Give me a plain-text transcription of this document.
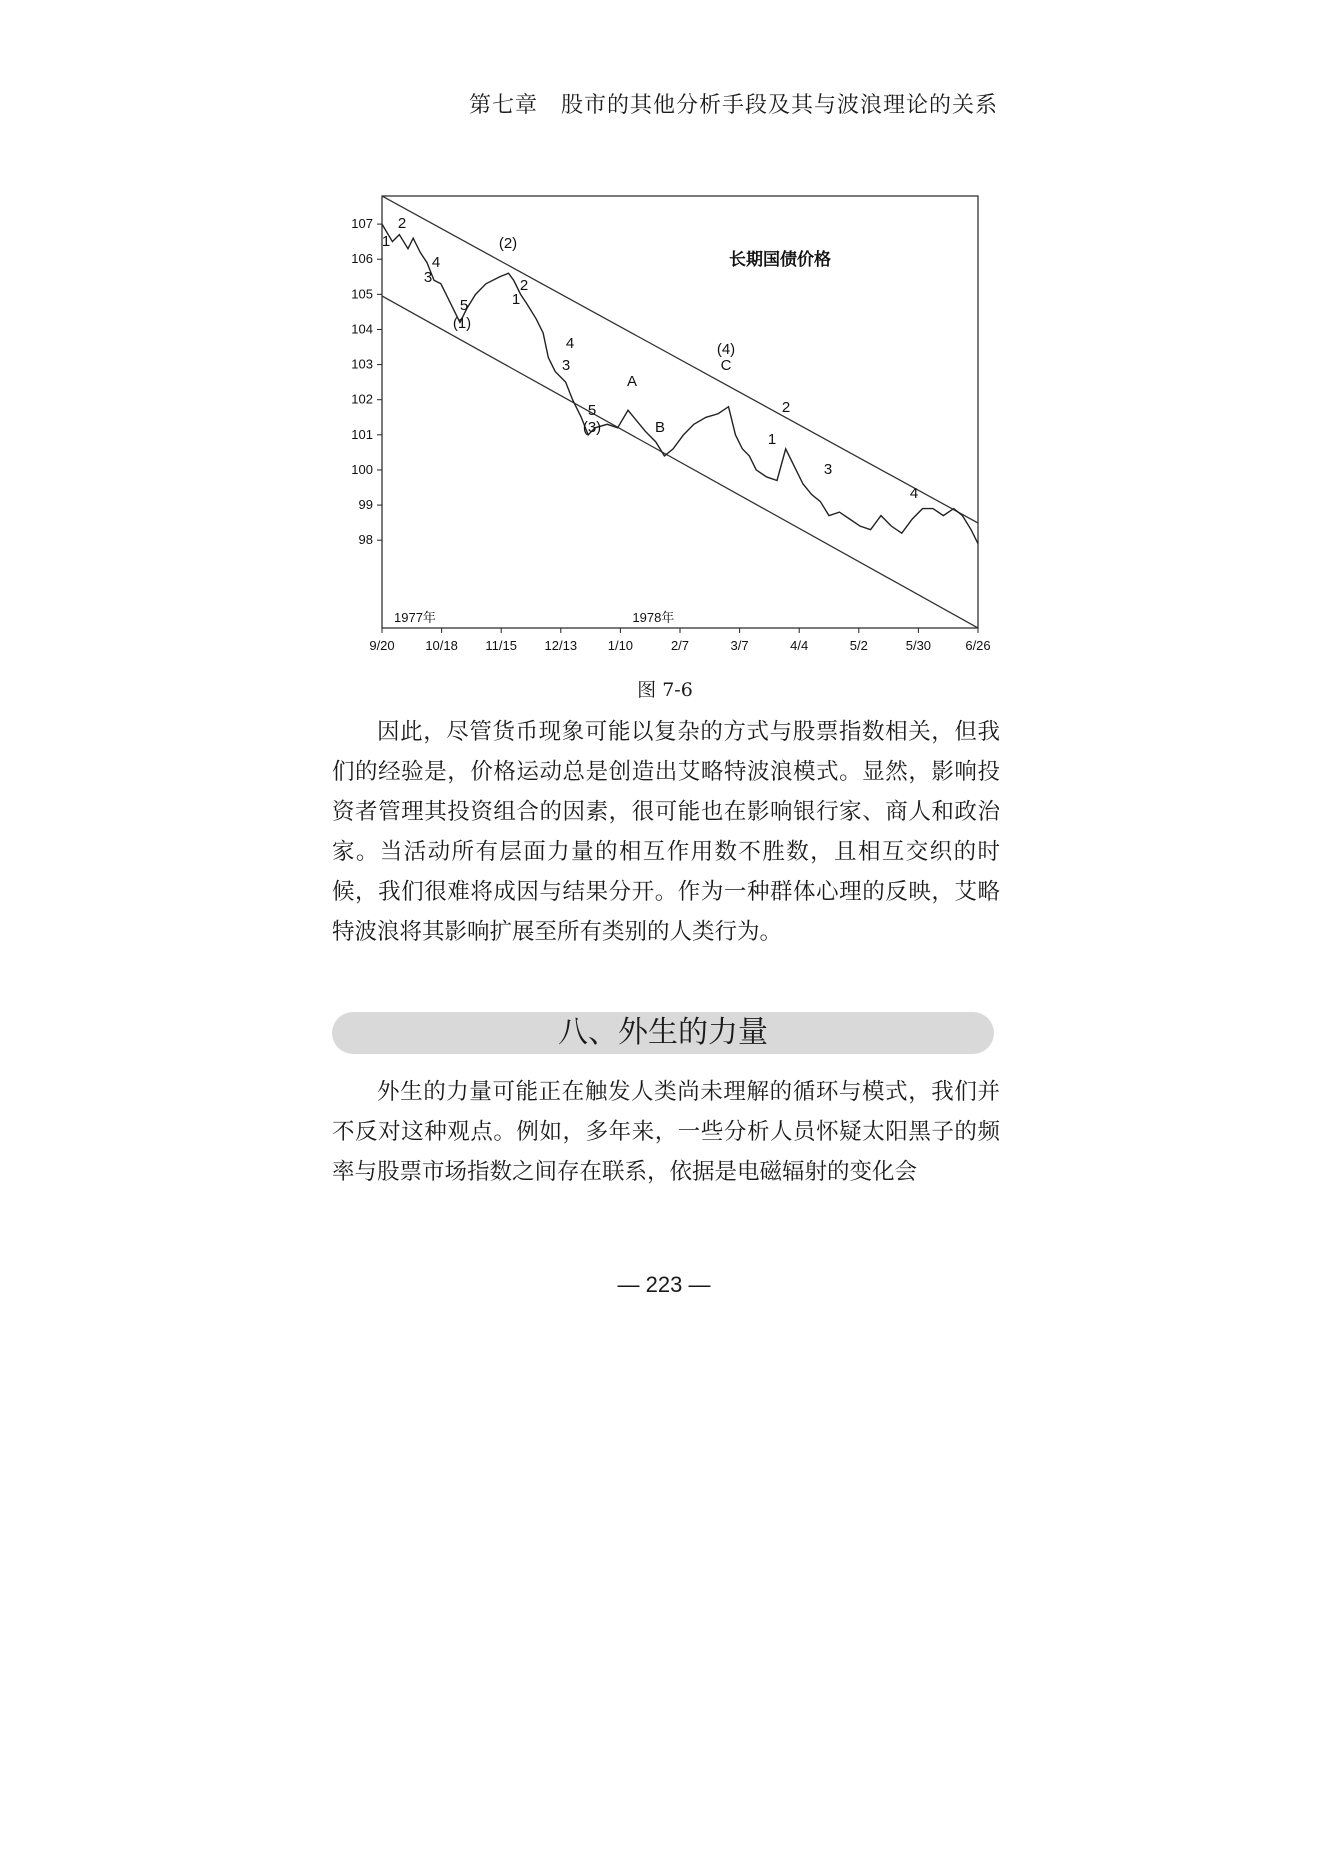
第七章　股市的其他分析手段及其与波浪理论的关系
107
106
105
104
103
102
101
100
99
98
9/20 10/18 11/15 12/13 1/10	2/7	3/7	4/4	5/2	5/30	6/26
1977年	1978年
长期国债价格
1
2
3
4
5
(1)
(2)
1
2
3
4
5
(3)
A
B
C
(4)
1
2
3
4
图 7-6

因此，尽管货币现象可能以复杂的方式与股票指数相关，但我们的经验是，价格运动总是创造出艾略特波浪模式。显然，影响投资者管理其投资组合的因素，很可能也在影响银行家、商人和政治家。当活动所有层面力量的相互作用数不胜数，且相互交织的时候，我们很难将成因与结果分开。作为一种群体心理的反映，艾略特波浪将其影响扩展至所有类别的人类行为。

八、外生的力量

外生的力量可能正在触发人类尚未理解的循环与模式，我们并不反对这种观点。例如，多年来，一些分析人员怀疑太阳黑子的频率与股票市场指数之间存在联系，依据是电磁辐射的变化会

— 223 —
